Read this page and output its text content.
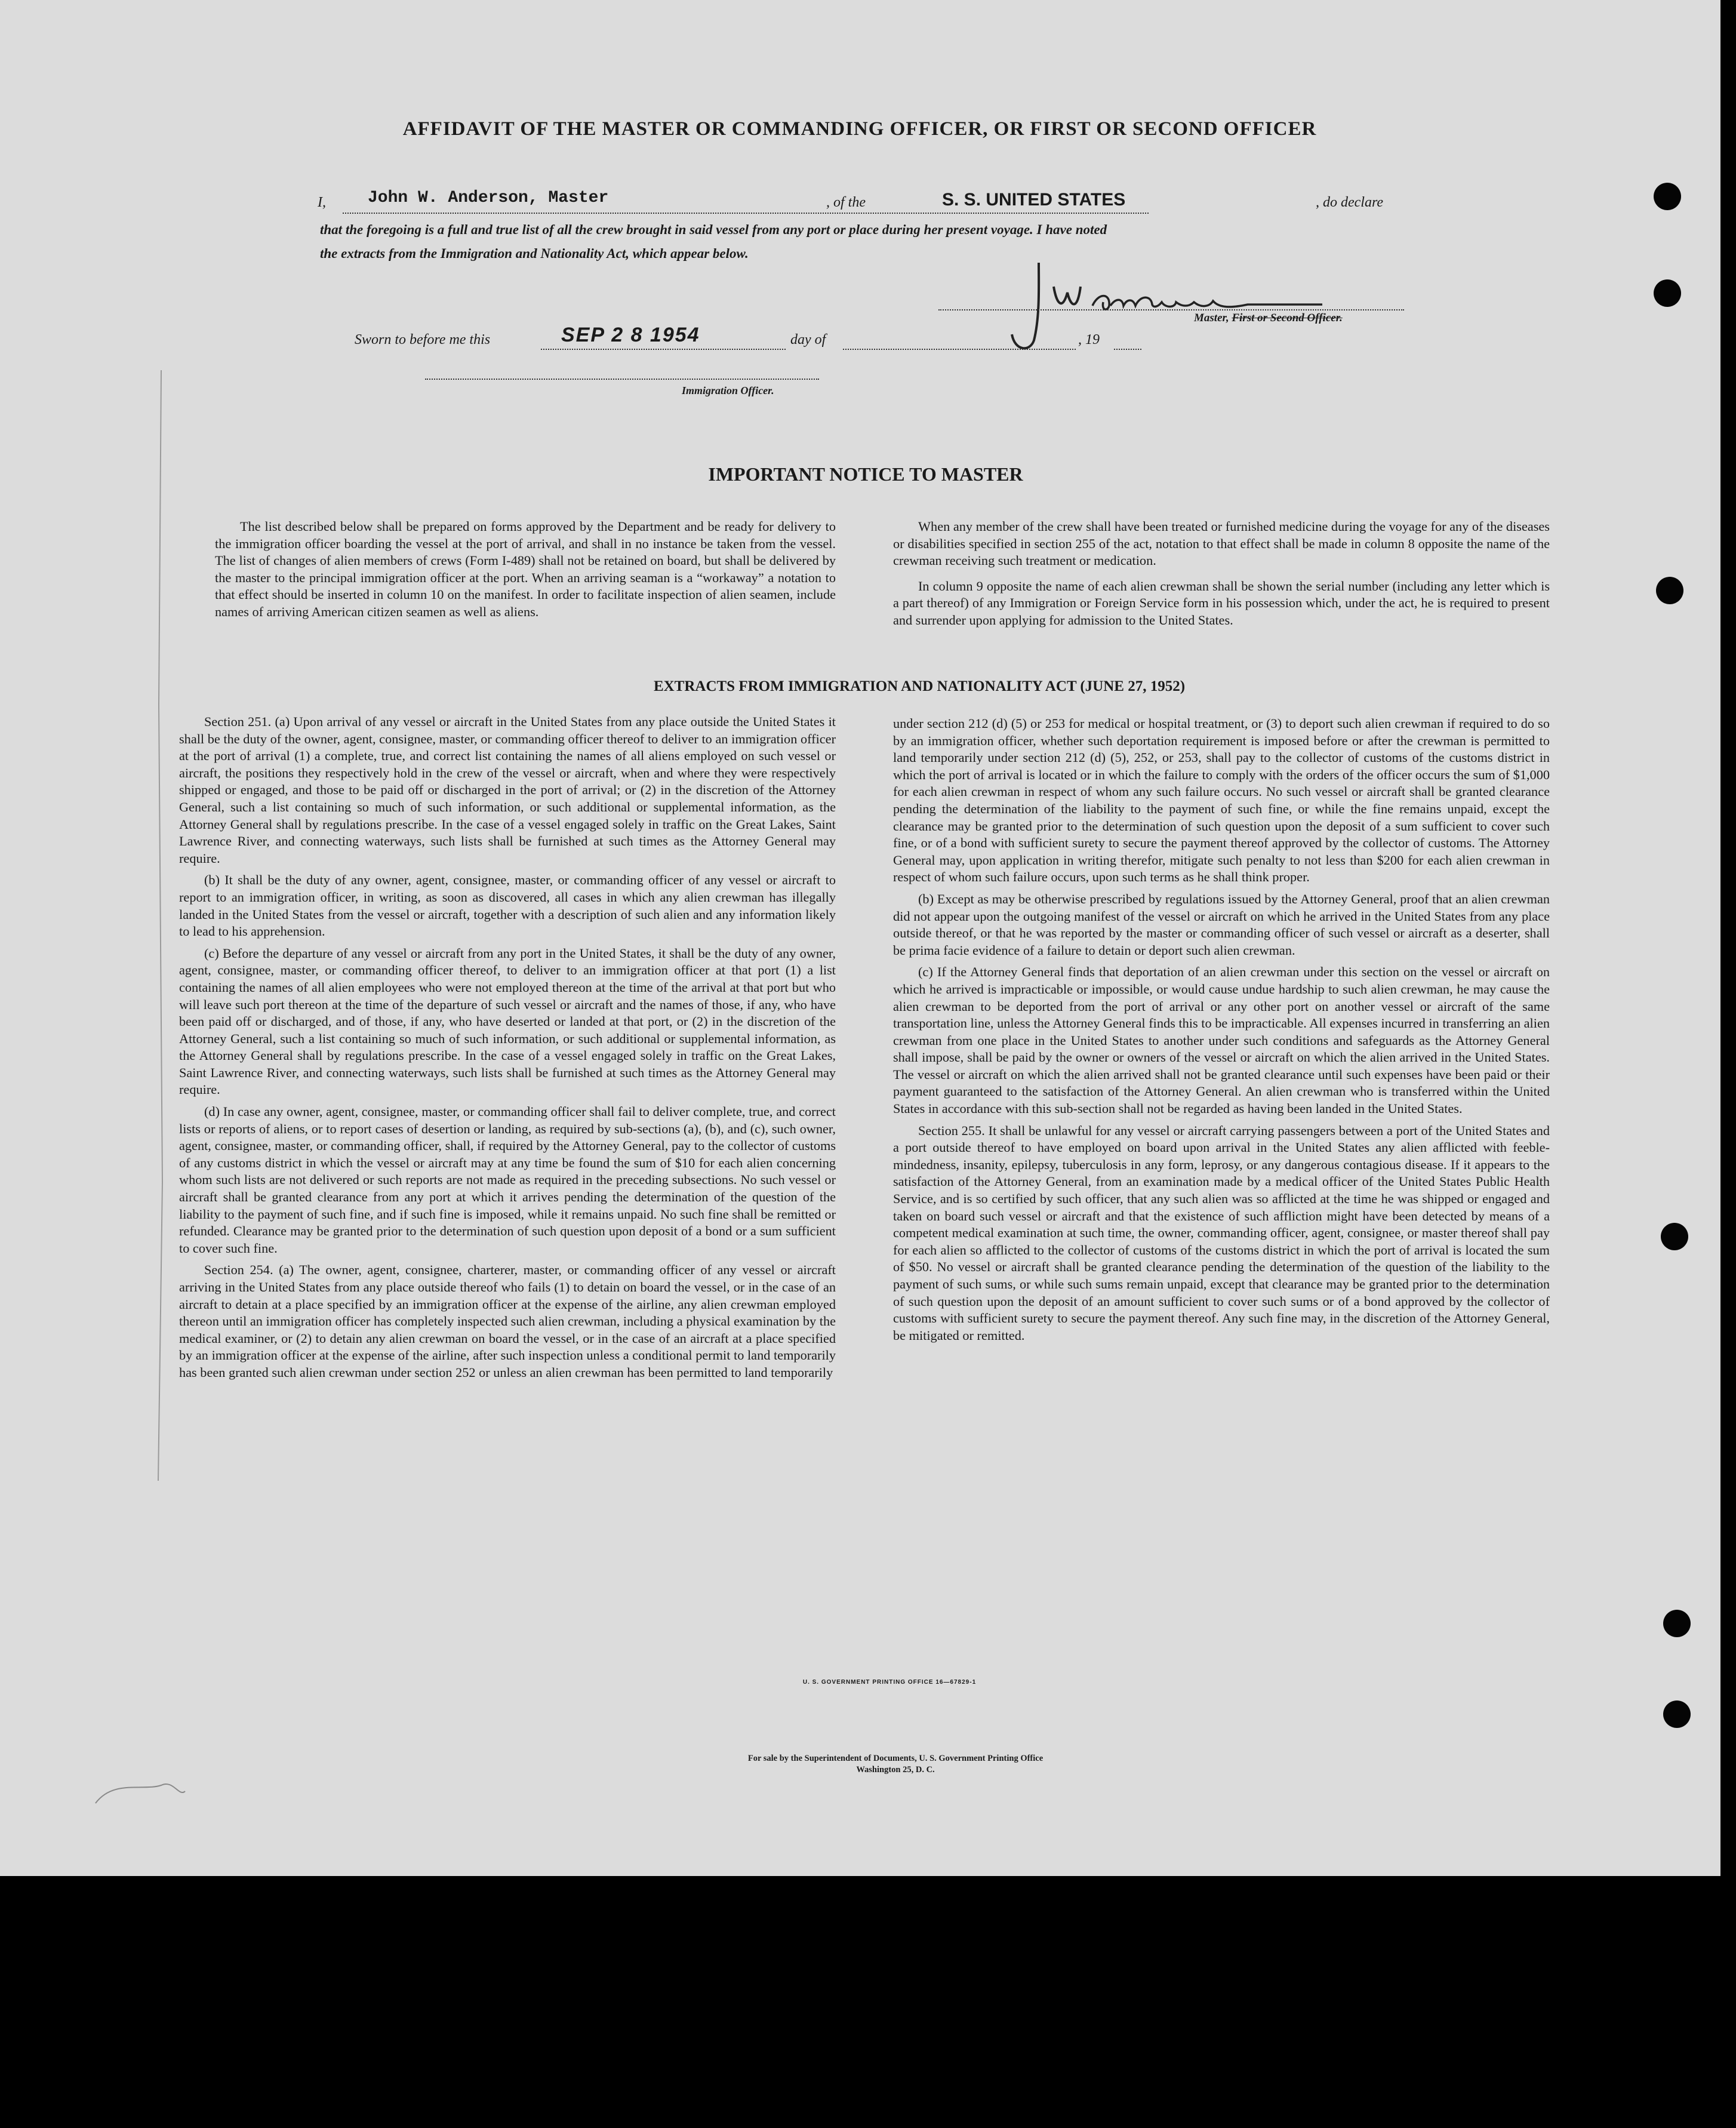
AFFIDAVIT OF THE MASTER OR COMMANDING OFFICER, OR FIRST OR SECOND OFFICER
I,	John W. Anderson, Master	, of the	S. S. UNITED STATES	, do declare
that the foregoing is a full and true list of all the crew brought in said vessel from any port or place during her present voyage. I have noted
the extracts from the Immigration and Nationality Act, which appear below.
Master, First or Second Officer.
Sworn to before me this	SEP 2 8 1954	day of	, 19
Immigration Officer.
IMPORTANT NOTICE TO MASTER

The list described below shall be prepared on forms approved by the Department and be ready for delivery to the immigration officer boarding the vessel at the port of arrival, and shall in no instance be taken from the vessel. The list of changes of alien members of crews (Form I-489) shall not be retained on board, but shall be delivered by the master to the principal immigration officer at the port. When an arriving seaman is a “workaway” a notation to that effect should be inserted in column 10 on the manifest. In order to facilitate inspection of alien seamen, include names of arriving American citizen seamen as well as aliens.

When any member of the crew shall have been treated or furnished medicine during the voyage for any of the diseases or disabilities specified in section 255 of the act, notation to that effect shall be made in column 8 opposite the name of the crewman receiving such treatment or medication.

In column 9 opposite the name of each alien crewman shall be shown the serial number (including any letter which is a part thereof) of any Immigration or Foreign Service form in his possession which, under the act, he is required to present and surrender upon applying for admission to the United States.

EXTRACTS FROM IMMIGRATION AND NATIONALITY ACT (JUNE 27, 1952)

Section 251. (a) Upon arrival of any vessel or aircraft in the United States from any place outside the United States it shall be the duty of the owner, agent, consignee, master, or commanding officer thereof to deliver to an immigration officer at the port of arrival (1) a complete, true, and correct list containing the names of all aliens employed on such vessel or aircraft, the positions they respectively hold in the crew of the vessel or aircraft, when and where they were respectively shipped or engaged, and those to be paid off or discharged in the port of arrival; or (2) in the discretion of the Attorney General, such a list containing so much of such information, or such additional or supplemental information, as the Attorney General shall by regulations prescribe. In the case of a vessel engaged solely in traffic on the Great Lakes, Saint Lawrence River, and connecting waterways, such lists shall be furnished at such times as the Attorney General may require.

(b) It shall be the duty of any owner, agent, consignee, master, or commanding officer of any vessel or aircraft to report to an immigration officer, in writing, as soon as discovered, all cases in which any alien crewman has illegally landed in the United States from the vessel or aircraft, together with a description of such alien and any information likely to lead to his apprehension.

(c) Before the departure of any vessel or aircraft from any port in the United States, it shall be the duty of any owner, agent, consignee, master, or commanding officer thereof, to deliver to an immigration officer at that port (1) a list containing the names of all alien employees who were not employed thereon at the time of the arrival at that port but who will leave such port thereon at the time of the departure of such vessel or aircraft and the names of those, if any, who have been paid off or discharged, and of those, if any, who have deserted or landed at that port, or (2) in the discretion of the Attorney General, such a list containing so much of such information, or such additional or supplemental information, as the Attorney General shall by regulations prescribe. In the case of a vessel engaged solely in traffic on the Great Lakes, Saint Lawrence River, and connecting waterways, such lists shall be furnished at such times as the Attorney General may require.

(d) In case any owner, agent, consignee, master, or commanding officer shall fail to deliver complete, true, and correct lists or reports of aliens, or to report cases of desertion or landing, as required by sub-sections (a), (b), and (c), such owner, agent, consignee, master, or commanding officer, shall, if required by the Attorney General, pay to the collector of customs of any customs district in which the vessel or aircraft may at any time be found the sum of $10 for each alien concerning whom such lists are not delivered or such reports are not made as required in the preceding subsections. No such vessel or aircraft shall be granted clearance from any port at which it arrives pending the determination of the question of the liability to the payment of such fine, and if such fine is imposed, while it remains unpaid. No such fine shall be remitted or refunded. Clearance may be granted prior to the determination of such question upon deposit of a bond or a sum sufficient to cover such fine.

Section 254. (a) The owner, agent, consignee, charterer, master, or commanding officer of any vessel or aircraft arriving in the United States from any place outside thereof who fails (1) to detain on board the vessel, or in the case of an aircraft to detain at a place specified by an immigration officer at the expense of the airline, any alien crewman employed thereon until an immigration officer has completely inspected such alien crewman, including a physical examination by the medical examiner, or (2) to detain any alien crewman on board the vessel, or in the case of an aircraft at a place specified by an immigration officer at the expense of the airline, after such inspection unless a conditional permit to land temporarily has been granted such alien crewman under section 252 or unless an alien crewman has been permitted to land temporarily

under section 212 (d) (5) or 253 for medical or hospital treatment, or (3) to deport such alien crewman if required to do so by an immigration officer, whether such deportation requirement is imposed before or after the crewman is permitted to land temporarily under section 212 (d) (5), 252, or 253, shall pay to the collector of customs of the customs district in which the port of arrival is located or in which the failure to comply with the orders of the officer occurs the sum of $1,000 for each alien crewman in respect of whom any such failure occurs. No such vessel or aircraft shall be granted clearance pending the determination of the liability to the payment of such fine, or while the fine remains unpaid, except the clearance may be granted prior to the determination of such question upon the deposit of a sum sufficient to cover such fine, or of a bond with sufficient surety to secure the payment thereof approved by the collector of customs. The Attorney General may, upon application in writing therefor, mitigate such penalty to not less than $200 for each alien crewman in respect of whom such failure occurs, upon such terms as he shall think proper.

(b) Except as may be otherwise prescribed by regulations issued by the Attorney General, proof that an alien crewman did not appear upon the outgoing manifest of the vessel or aircraft on which he arrived in the United States from any place outside thereof, or that he was reported by the master or commanding officer of such vessel or aircraft as a deserter, shall be prima facie evidence of a failure to detain or deport such alien crewman.

(c) If the Attorney General finds that deportation of an alien crewman under this section on the vessel or aircraft on which he arrived is impracticable or impossible, or would cause undue hardship to such alien crewman, he may cause the alien crewman to be deported from the port of arrival or any other port on another vessel or aircraft of the same transportation line, unless the Attorney General finds this to be impracticable. All expenses incurred in transferring an alien crewman from one place in the United States to another under such conditions and safeguards as the Attorney General shall impose, shall be paid by the owner or owners of the vessel or aircraft on which the alien arrived in the United States. The vessel or aircraft on which the alien arrived shall not be granted clearance until such expenses have been paid or their payment guaranteed to the satisfaction of the Attorney General. An alien crewman who is transferred within the United States in accordance with this sub-section shall not be regarded as having been landed in the United States.

Section 255. It shall be unlawful for any vessel or aircraft carrying passengers between a port of the United States and a port outside thereof to have employed on board upon arrival in the United States any alien afflicted with feeble-mindedness, insanity, epilepsy, tuberculosis in any form, leprosy, or any dangerous contagious disease. If it appears to the satisfaction of the Attorney General, from an examination made by a medical officer of the United States Public Health Service, and is so certified by such officer, that any such alien was so afflicted at the time he was shipped or engaged and taken on board such vessel or aircraft and that the existence of such affliction might have been detected by means of a competent medical examination at such time, the owner, commanding officer, agent, consignee, or master thereof shall pay for each alien so afflicted to the collector of customs of the customs district in which the port of arrival is located the sum of $50. No vessel or aircraft shall be granted clearance pending the determination of the question of the liability to the payment of such sums, or while such sums remain unpaid, except that clearance may be granted prior to the determination of such question upon the deposit of an amount sufficient to cover such sums or of a bond approved by the collector of customs with sufficient surety to secure the payment thereof. Any such fine may, in the discretion of the Attorney General, be mitigated or remitted.

U. S. GOVERNMENT PRINTING OFFICE 16—67829-1
For sale by the Superintendent of Documents, U. S. Government Printing Office
Washington 25, D. C.
